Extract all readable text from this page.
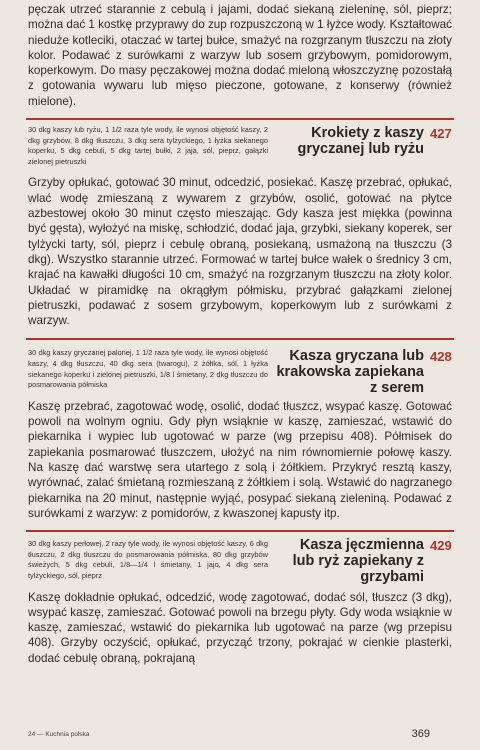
pęczak utrzeć starannie z cebulą i jajami, dodać siekaną zieleninę, sól, pieprz; można dać 1 kostkę przyprawy do zup rozpuszczoną w 1 łyżce wody. Kształtować nieduże kotleciki, otaczać w tartej bułce, smażyć na rozgrzanym tłuszczu na złoty kolor. Podawać z surówkami z warzyw lub sosem grzybowym, pomidorowym, koperkowym. Do masy pęczakowej można dodać mieloną włoszczyznę pozostałą z gotowania wywaru lub mięso pieczone, gotowane, z konserwy (również mielone).

30 dkg kaszy lub ryżu, 1 1/2 raza tyle wody, ile wynosi objętość kaszy, 2 dkg grzybów, 8 dkg tłuszczu, 3 dkg sera tylżyckiego, 1 łyżka siekanego koperku, 5 dkg cebuli, 5 dkg tartej bułki, 2 jaja, sól, pieprz, gałązki zielonej pietruszki
Krokiety z kaszy gryczanej lub ryżu
427

Grzyby opłukać, gotować 30 minut, odcedzić, posiekać. Kaszę przebrać, opłukać, wlać wodę zmieszaną z wywarem z grzybów, osolić, gotować na płytce azbestowej około 30 minut często mieszając. Gdy kasza jest miękka (powinna być gęsta), wyłożyć na miskę, schłodzić, dodać jaja, grzybki, siekany koperek, ser tylżycki tarty, sól, pieprz i cebulę obraną, posiekaną, usmażoną na tłuszczu (3 dkg). Wszystko starannie utrzeć. Formować w tartej bułce wałek o średnicy 3 cm, krajać na kawałki długości 10 cm, smażyć na rozgrzanym tłuszczu na złoty kolor. Układać w piramidkę na okrągłym półmisku, przybrać gałązkami zielonej pietruszki, podawać z sosem grzybowym, koperkowym lub z surówkami z warzyw.

30 dkg kaszy gryczanej palonej, 1 1/2 raza tyle wody, ile wynosi objętość kaszy, 4 dkg tłuszczu, 40 dkg sera (twarogu), 2 żółtka, sól, 1 łyżka siekanego koperku i zielonej pietruszki, 1/8 l śmietany, 2 dkg tłuszczu do posmarowania półmiska
Kasza gryczana lub krakowska zapiekana z serem
428

Kaszę przebrać, zagotować wodę, osolić, dodać tłuszcz, wsypać kaszę. Gotować powoli na wolnym ogniu. Gdy płyn wsiąknie w kaszę, zamieszać, wstawić do piekarnika i wypiec lub ugotować w parze (wg przepisu 408). Półmisek do zapiekania posmarować tłuszczem, ułożyć na nim równomiernie połowę kaszy. Na kaszę dać warstwę sera utartego z solą i żółtkiem. Przykryć resztą kaszy, wyrównać, zalać śmietaną rozmieszaną z żółtkiem i solą. Wstawić do nagrzanego piekarnika na 20 minut, następnie wyjąć, posypać siekaną zieleniną. Podawać z surówkami z warzyw: z pomidorów, z kwaszonej kapusty itp.

30 dkg kaszy perłowej, 2 razy tyle wody, ile wynosi objętość kaszy, 6 dkg tłuszczu, 2 dkg tłuszczu do posmarowania półmiska, 80 dkg grzybów świeżych, 5 dkg cebuli, 1/8—1/4 l śmietany, 1 jajo, 4 dkg sera tylżyckiego, sól, pieprz
Kasza jęczmienna lub ryż zapiekany z grzybami
429

Kaszę dokładnie opłukać, odcedzić, wodę zagotować, dodać sól, tłuszcz (3 dkg), wsypać kaszę, zamieszać. Gotować powoli na brzegu płyty. Gdy woda wsiąknie w kaszę, zamieszać, wstawić do piekarnika lub ugotować na parze (wg przepisu 408). Grzyby oczyścić, opłukać, przycząć trzony, pokrajać w cienkie plasterki, dodać cebulę obraną, pokrajaną

24 — Kuchnia polska	369
